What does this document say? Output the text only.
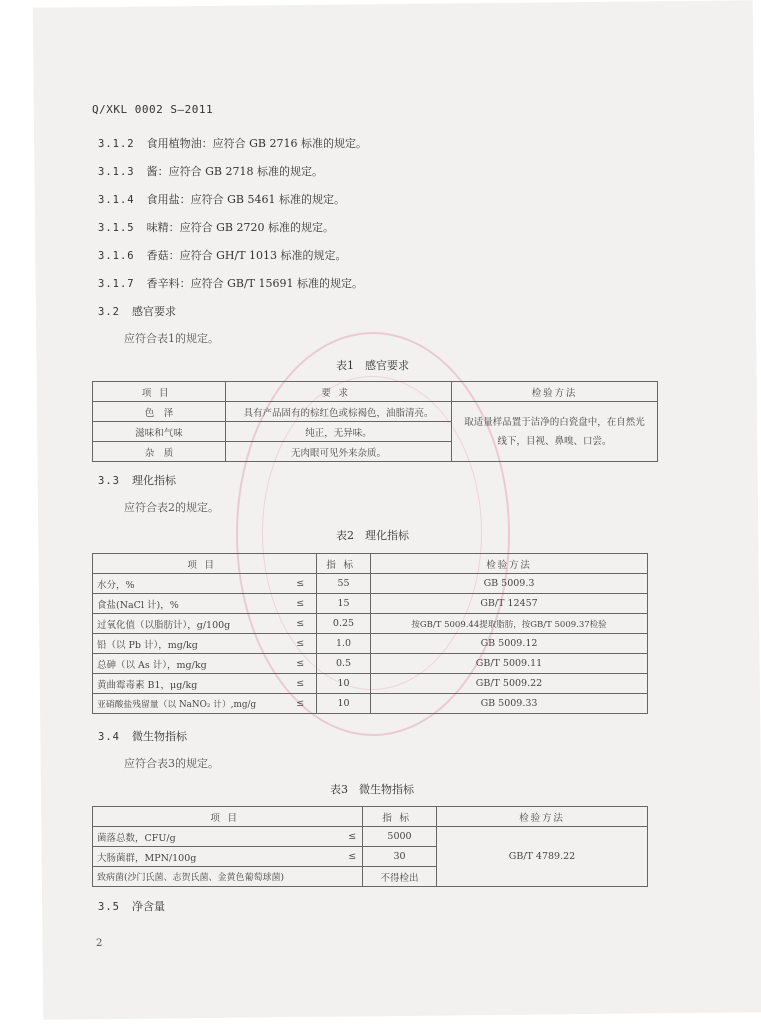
Q/XKL 0002 S—2011
3.1.2 食用植物油：应符合 GB 2716 标准的规定。
3.1.3 酱：应符合 GB 2718 标准的规定。
3.1.4 食用盐：应符合 GB 5461 标准的规定。
3.1.5 味精：应符合 GB 2720 标准的规定。
3.1.6 香菇：应符合 GH/T 1013 标准的规定。
3.1.7 香辛料：应符合 GB/T 15691 标准的规定。
3.2 感官要求
应符合表1的规定。
表1　感官要求
项目	要求	检验方法
色　泽	具有产品固有的棕红色或棕褐色，油脂清亮。	取适量样品置于洁净的白瓷盘中，在自然光线下，目视、鼻嗅、口尝。
滋味和气味	纯正，无异味。	
杂　质	无肉眼可见外来杂质。	
3.3 理化指标
应符合表2的规定。
表2　理化指标
项目		指标	检验方法
水分，%	≤	55	GB 5009.3
食盐(NaCl 计)，%	≤	15	GB/T 12457
过氧化值（以脂肪计），g/100g	≤	0.25	按GB/T 5009.44提取脂肪，按GB/T 5009.37检验
铅（以 Pb 计），mg/kg	≤	1.0	GB 5009.12
总砷（以 As 计），mg/kg	≤	0.5	GB/T 5009.11
黄曲霉毒素 B1，μg/kg	≤	10	GB/T 5009.22
亚硝酸盐残留量（以 NaNO₂ 计）,mg/g	≤	10	GB 5009.33
3.4 微生物指标
应符合表3的规定。
表3　微生物指标
项目		指标	检验方法
菌落总数，CFU/g	≤	5000	GB/T 4789.22
大肠菌群，MPN/100g	≤	30	
致病菌(沙门氏菌、志贺氏菌、金黄色葡萄球菌)		不得检出	
3.5 净含量
2
